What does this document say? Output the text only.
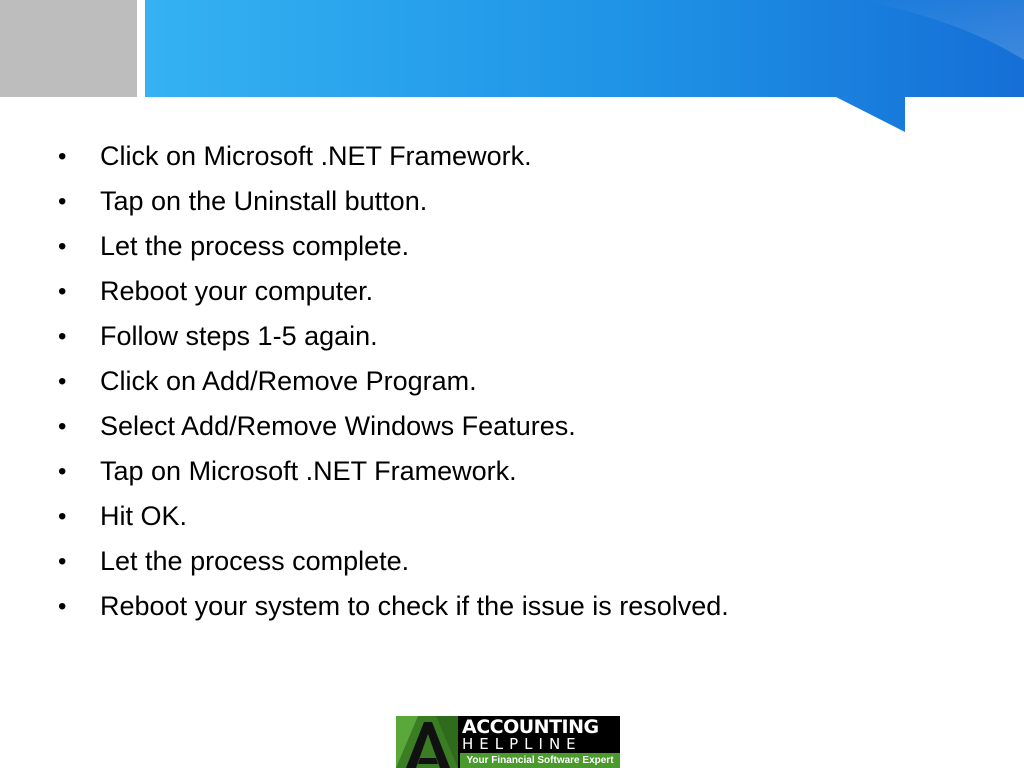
•	Click on Microsoft .NET Framework.
•	Tap on the Uninstall button.
•	Let the process complete.
•	Reboot your computer.
•	Follow steps 1-5 again.
•	Click on Add/Remove Program.
•	Select Add/Remove Windows Features.
•	Tap on Microsoft .NET Framework.
•	Hit OK.
•	Let the process complete.
•	Reboot your system to check if the issue is resolved.
ACCOUNTING
HELPLINE
Your Financial Software Expert
